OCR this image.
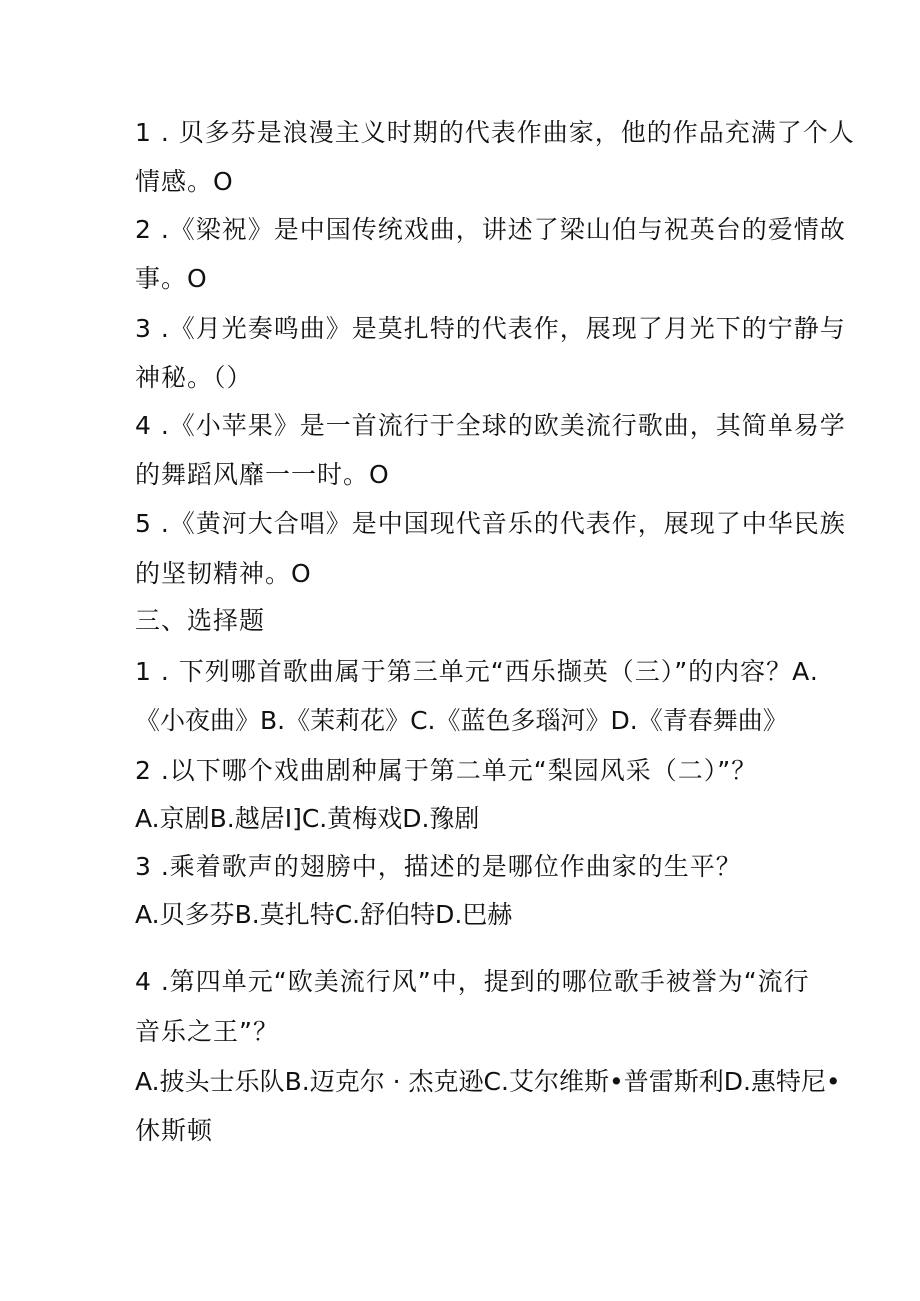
1 . 贝多芬是浪漫主义时期的代表作曲家，他的作品充满了个人
情感。O
2 .《梁祝》是中国传统戏曲，讲述了梁山伯与祝英台的爱情故
事。O
3 .《月光奏鸣曲》是莫扎特的代表作，展现了月光下的宁静与
神秘。（）
4 .《小苹果》是一首流行于全球的欧美流行歌曲，其简单易学
的舞蹈风靡一一时。O
5 .《黄河大合唱》是中国现代音乐的代表作，展现了中华民族
的坚韧精神。O
三、选择题
1 . 下列哪首歌曲属于第三单元“西乐撷英（三）”的内容？A.
《小夜曲》B.《茉莉花》C.《蓝色多瑙河》D.《青春舞曲》
2 .以下哪个戏曲剧种属于第二单元“梨园风采（二）”？
A.京剧B.越居I]C.黄梅戏D.豫剧
3 .乘着歌声的翅膀中，描述的是哪位作曲家的生平？
A.贝多芬B.莫扎特C.舒伯特D.巴赫
4 .第四单元“欧美流行风”中，提到的哪位歌手被誉为“流行
音乐之王”？
A.披头士乐队B.迈克尔 · 杰克逊C.艾尔维斯•普雷斯利D.惠特尼•
休斯顿
